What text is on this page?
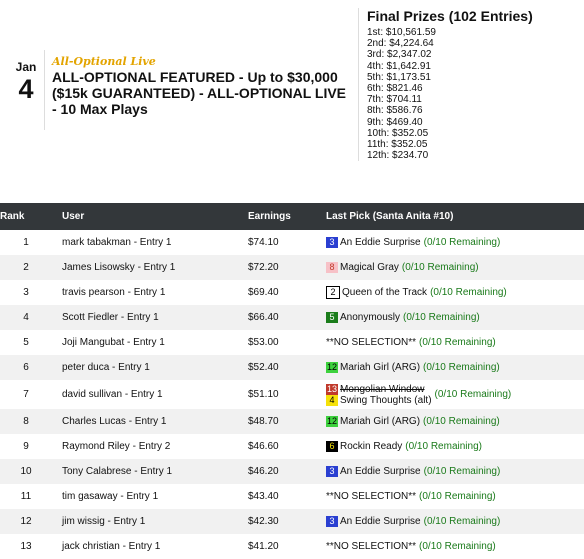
Jan
4
All-Optional Live
ALL-OPTIONAL FEATURED - Up to $30,000 ($15k GUARANTEED) - ALL-OPTIONAL LIVE - 10 Max Plays
Final Prizes (102 Entries)
1st: $10,561.59
2nd: $4,224.64
3rd: $2,347.02
4th: $1,642.91
5th: $1,173.51
6th: $821.46
7th: $704.11
8th: $586.76
9th: $469.40
10th: $352.05
11th: $352.05
12th: $234.70
Rank	User	Earnings	Last Pick (Santa Anita #10)
1	mark tabakman - Entry 1	$74.10	3 An Eddie Surprise (0/10 Remaining)

2	James Lisowsky - Entry 1	$72.20	8 Magical Gray (0/10 Remaining)

3	travis pearson - Entry 1	$69.40	2 Queen of the Track (0/10 Remaining)

4	Scott Fiedler - Entry 1	$66.40	5 Anonymously (0/10 Remaining)

5	Joji Mangubat - Entry 1	$53.00	**NO SELECTION** (0/10 Remaining)

6	peter duca - Entry 1	$52.40	12 Mariah Girl (ARG) (0/10 Remaining)

7	david sullivan - Entry 1	$51.10	13 Mongolian Window
4 Swing Thoughts (alt) (0/10 Remaining)

8	Charles Lucas - Entry 1	$48.70	12 Mariah Girl (ARG) (0/10 Remaining)

9	Raymond Riley - Entry 2	$46.60	6 Rockin Ready (0/10 Remaining)

10	Tony Calabrese - Entry 1	$46.20	3 An Eddie Surprise (0/10 Remaining)

11	tim gasaway - Entry 1	$43.40	**NO SELECTION** (0/10 Remaining)

12	jim wissig - Entry 1	$42.30	3 An Eddie Surprise (0/10 Remaining)

13	jack christian - Entry 1	$41.20	**NO SELECTION** (0/10 Remaining)
